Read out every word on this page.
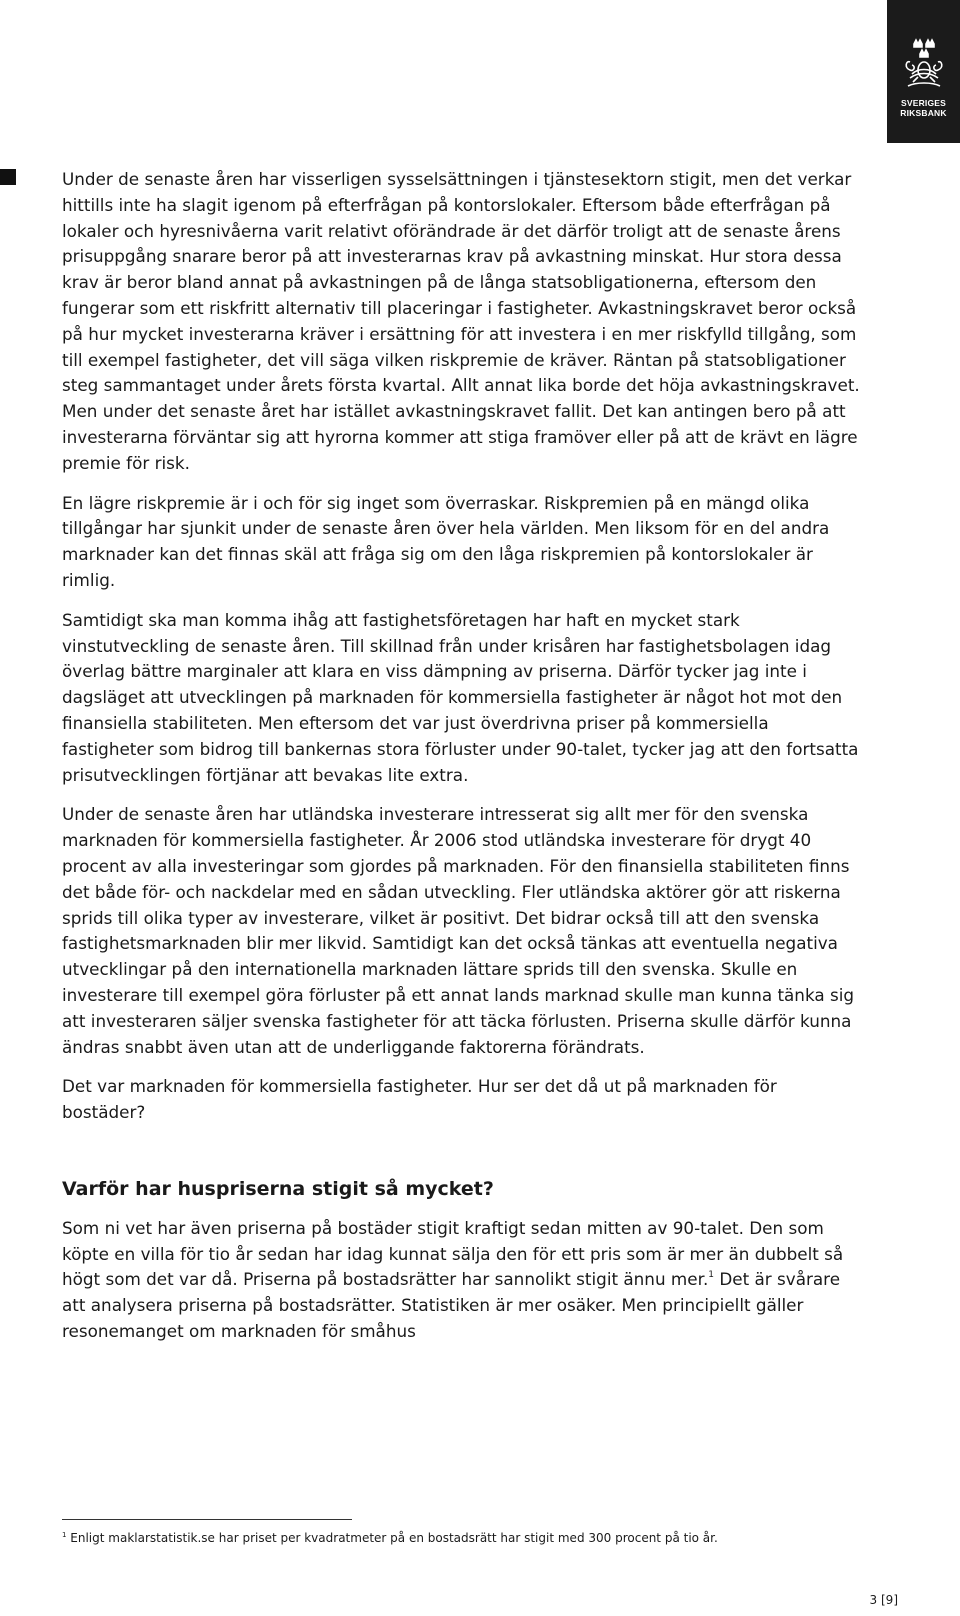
SVERIGES
RIKSBANK

Under de senaste åren har visserligen sysselsättningen i tjänstesektorn stigit, men det verkar hittills inte ha slagit igenom på efterfrågan på kontorslokaler. Eftersom både efterfrågan på lokaler och hyresnivåerna varit relativt oförändrade är det därför troligt att de senaste årens prisuppgång snarare beror på att investerarnas krav på avkastning minskat. Hur stora dessa krav är beror bland annat på avkastningen på de långa statsobligationerna, eftersom den fungerar som ett riskfritt alternativ till placeringar i fastigheter. Avkastningskravet beror också på hur mycket investerarna kräver i ersättning för att investera i en mer riskfylld tillgång, som till exempel fastigheter, det vill säga vilken riskpremie de kräver. Räntan på statsobligationer steg sammantaget under årets första kvartal. Allt annat lika borde det höja avkastningskravet. Men under det senaste året har istället avkastningskravet fallit. Det kan antingen bero på att investerarna förväntar sig att hyrorna kommer att stiga framöver eller på att de krävt en lägre premie för risk.

En lägre riskpremie är i och för sig inget som överraskar. Riskpremien på en mängd olika tillgångar har sjunkit under de senaste åren över hela världen. Men liksom för en del andra marknader kan det finnas skäl att fråga sig om den låga riskpremien på kontorslokaler är rimlig.

Samtidigt ska man komma ihåg att fastighetsföretagen har haft en mycket stark vinstutveckling de senaste åren. Till skillnad från under krisåren har fastighetsbolagen idag överlag bättre marginaler att klara en viss dämpning av priserna. Därför tycker jag inte i dagsläget att utvecklingen på marknaden för kommersiella fastigheter är något hot mot den finansiella stabiliteten. Men eftersom det var just överdrivna priser på kommersiella fastigheter som bidrog till bankernas stora förluster under 90-talet, tycker jag att den fortsatta prisutvecklingen förtjänar att bevakas lite extra.

Under de senaste åren har utländska investerare intresserat sig allt mer för den svenska marknaden för kommersiella fastigheter. År 2006 stod utländska investerare för drygt 40 procent av alla investeringar som gjordes på marknaden. För den finansiella stabiliteten finns det både för- och nackdelar med en sådan utveckling. Fler utländska aktörer gör att riskerna sprids till olika typer av investerare, vilket är positivt. Det bidrar också till att den svenska fastighetsmarknaden blir mer likvid. Samtidigt kan det också tänkas att eventuella negativa utvecklingar på den internationella marknaden lättare sprids till den svenska. Skulle en investerare till exempel göra förluster på ett annat lands marknad skulle man kunna tänka sig att investeraren säljer svenska fastigheter för att täcka förlusten. Priserna skulle därför kunna ändras snabbt även utan att de underliggande faktorerna förändrats.

Det var marknaden för kommersiella fastigheter. Hur ser det då ut på marknaden för bostäder?

Varför har huspriserna stigit så mycket?

Som ni vet har även priserna på bostäder stigit kraftigt sedan mitten av 90-talet. Den som köpte en villa för tio år sedan har idag kunnat sälja den för ett pris som är mer än dubbelt så högt som det var då. Priserna på bostadsrätter har sannolikt stigit ännu mer.$^1$ Det är svårare att analysera priserna på bostadsrätter. Statistiken är mer osäker. Men principiellt gäller resonemanget om marknaden för småhus

$^1$ Enligt maklarstatistik.se har priset per kvadratmeter på en bostadsrätt har stigit med 300 procent på tio år.
3 [9]
